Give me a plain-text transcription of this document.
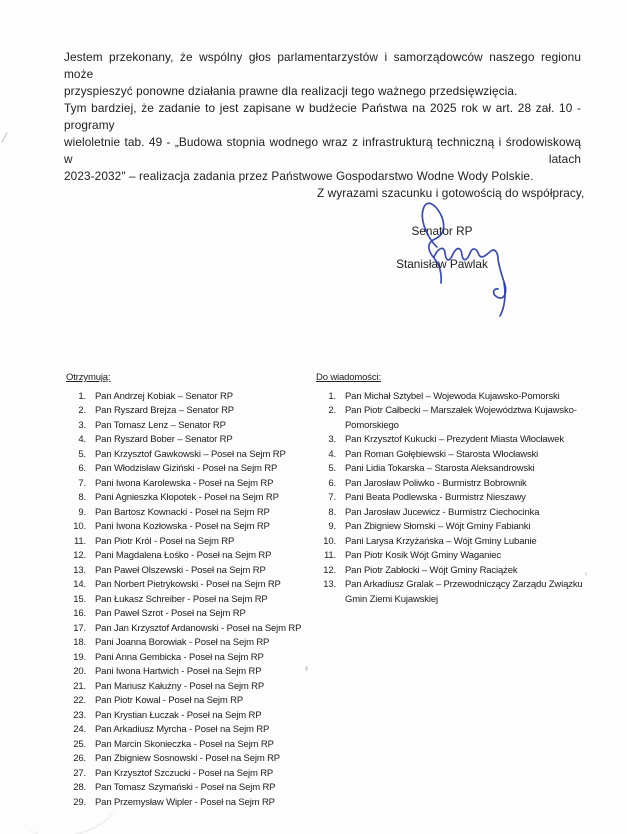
Jestem przekonany, że wspólny głos parlamentarzystów i samorządowców naszego regionu może
przyspieszyć ponowne działania prawne dla realizacji tego ważnego przedsięwzięcia.
Tym bardziej, że zadanie to jest zapisane w budżecie Państwa na 2025 rok w art. 28 zał. 10 - programy
wieloletnie tab. 49 - „Budowa stopnia wodnego wraz z infrastrukturą techniczną i środowiskową w latach
2023-2032" – realizacja zadania przez Państwowe Gospodarstwo Wodne Wody Polskie.
Z wyrazami szacunku i gotowością do współpracy,
Senator RP
Stanisław Pawlak
Otrzymują:
1. Pan Andrzej Kobiak – Senator RP
2. Pan Ryszard Brejza – Senator RP
3. Pan Tomasz Lenz – Senator RP
4. Pan Ryszard Bober – Senator RP
5. Pan Krzysztof Gawkowski – Poseł na Sejm RP
6. Pan Włodzisław Giziński - Poseł na Sejm RP
7. Pani Iwona Karolewska - Poseł na Sejm RP
8. Pani Agnieszka Kłopotek - Poseł na Sejm RP
9. Pan Bartosz Kownacki - Poseł na Sejm RP
10. Pani Iwona Kozłowska - Poseł na Sejm RP
11. Pan Piotr Król - Poseł na Sejm RP
12. Pani Magdalena Łośko - Poseł na Sejm RP
13. Pan Paweł Olszewski - Poseł na Sejm RP
14. Pan Norbert Pietrykowski - Poseł na Sejm RP
15. Pan Łukasz Schreiber - Poseł na Sejm RP
16. Pan Paweł Szrot - Poseł na Sejm RP
17. Pan Jan Krzysztof Ardanowski - Poseł na Sejm RP
18. Pani Joanna Borowiak - Poseł na Sejm RP
19. Pani Anna Gembicka - Poseł na Sejm RP
20. Pani Iwona Hartwich - Poseł na Sejm RP
21. Pan Mariusz Kałużny - Poseł na Sejm RP
22. Pan Piotr Kowal - Poseł na Sejm RP
23. Pan Krystian Łuczak - Poseł na Sejm RP
24. Pan Arkadiusz Myrcha - Poseł na Sejm RP
25. Pan Marcin Skonieczka - Poseł na Sejm RP
26. Pan Zbigniew Sosnowski - Poseł na Sejm RP
27. Pan Krzysztof Szczucki - Poseł na Sejm RP
28. Pan Tomasz Szymański - Poseł na Sejm RP
29. Pan Przemysław Wipler - Poseł na Sejm RP
Do wiadomości:
1. Pan Michał Sztybel – Wojewoda Kujawsko-Pomorski
2. Pan Piotr Całbecki – Marszałek Województwa Kujawsko-Pomorskiego
3. Pan Krzysztof Kukucki – Prezydent Miasta Włocławek
4. Pan Roman Gołębiewski – Starosta Włocławski
5. Pani Lidia Tokarska – Starosta Aleksandrowski
6. Pan Jarosław Poliwko - Burmistrz Bobrownik
7. Pani Beata Podlewska - Burmistrz Nieszawy
8. Pan Jarosław Jucewicz - Burmistrz Ciechocinka
9. Pan Zbigniew Słomski – Wójt Gminy Fabianki
10. Pani Larysa Krzyżańska – Wójt Gminy Lubanie
11. Pan Piotr Kosik Wójt Gminy Waganiec
12. Pan Piotr Zabłocki – Wójt Gminy Raciążek
13. Pan Arkadiusz Gralak – Przewodniczący Zarządu Związku Gmin Ziemi Kujawskiej
